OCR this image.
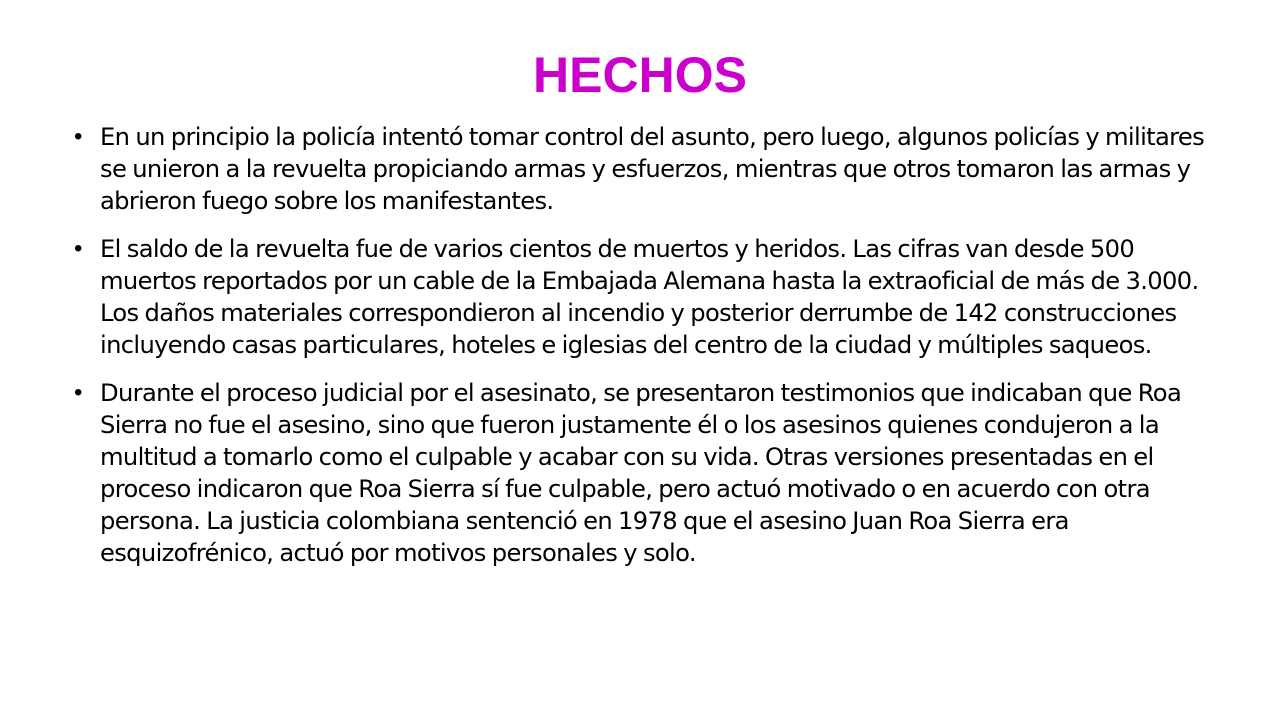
HECHOS
• En un principio la policía intentó tomar control del asunto, pero luego, algunos policías y militares se unieron a la revuelta propiciando armas y esfuerzos, mientras que otros tomaron las armas y abrieron fuego sobre los manifestantes.
• El saldo de la revuelta fue de varios cientos de muertos y heridos. Las cifras van desde 500 muertos reportados por un cable de la Embajada Alemana hasta la extraoficial de más de 3.000. Los daños materiales correspondieron al incendio y posterior derrumbe de 142 construcciones incluyendo casas particulares, hoteles e iglesias del centro de la ciudad y múltiples saqueos.
• Durante el proceso judicial por el asesinato, se presentaron testimonios que indicaban que Roa Sierra no fue el asesino, sino que fueron justamente él o los asesinos quienes condujeron a la multitud a tomarlo como el culpable y acabar con su vida. Otras versiones presentadas en el proceso indicaron que Roa Sierra sí fue culpable, pero actuó motivado o en acuerdo con otra persona. La justicia colombiana sentenció en 1978 que el asesino Juan Roa Sierra era esquizofrénico, actuó por motivos personales y solo.
